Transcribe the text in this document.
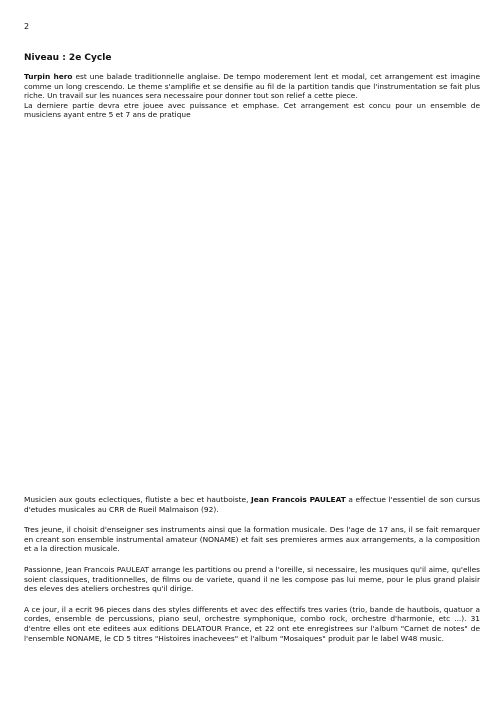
2
Niveau : 2e Cycle

Turpin hero est une balade traditionnelle anglaise. De tempo moderement lent et modal, cet arrangement est imagine comme un long crescendo. Le theme s'amplifie et se densifie au fil de la partition tandis que l'instrumentation se fait plus riche. Un travail sur les nuances sera necessaire pour donner tout son relief a cette piece.

La derniere partie devra etre jouee avec puissance et emphase. Cet arrangement est concu pour un ensemble de musiciens ayant entre 5 et 7 ans de pratique

Musicien aux gouts eclectiques, flutiste a bec et hautboiste, Jean Francois PAULEAT a effectue l'essentiel de son cursus d'etudes musicales au CRR de Rueil Malmaison (92).

Tres jeune, il choisit d'enseigner ses instruments ainsi que la formation musicale. Des l'age de 17 ans, il se fait remarquer en creant son ensemble instrumental amateur (NONAME) et fait ses premieres armes aux arrangements, a la composition et a la direction musicale.

Passionne, Jean Francois PAULEAT arrange les partitions ou prend a l'oreille, si necessaire, les musiques qu'il aime, qu'elles soient classiques, traditionnelles, de films ou de variete, quand il ne les compose pas lui meme, pour le plus grand plaisir des eleves des ateliers orchestres qu'il dirige.

A ce jour, il a ecrit 96 pieces dans des styles differents et avec des effectifs tres varies (trio, bande de hautbois, quatuor a cordes, ensemble de percussions, piano seul, orchestre symphonique, combo rock, orchestre d'harmonie, etc ...). 31 d'entre elles ont ete editees aux editions DELATOUR France, et 22 ont ete enregistrees sur l'album "Carnet de notes" de l'ensemble NONAME, le CD 5 titres "Histoires inachevees" et l'album "Mosaiques" produit par le label W48 music.
